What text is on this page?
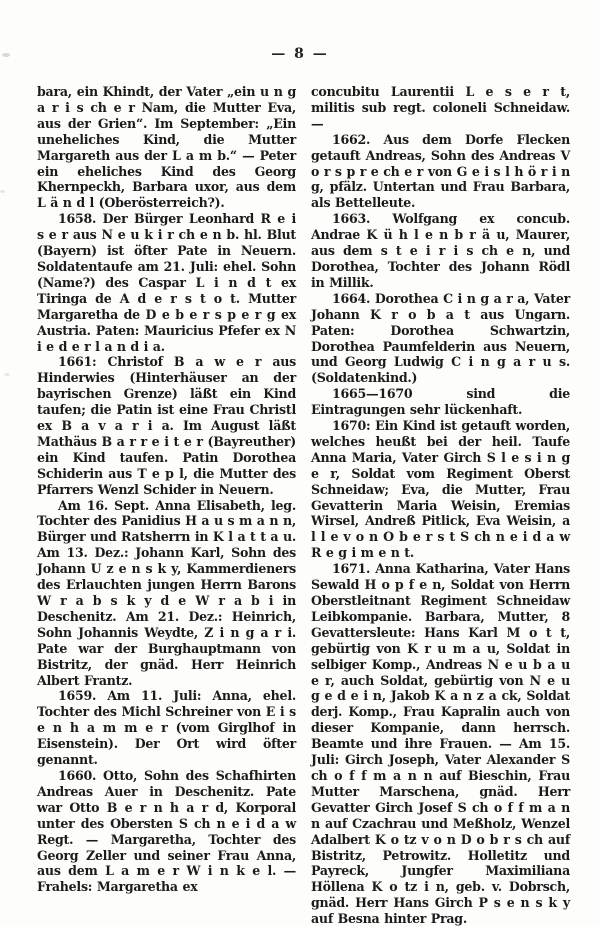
— 8 —

bara, ein Khindt, der Vater „ein u n g a r i s ch e r Nam, die Mutter Eva, aus der Grien“. Im September: „Ein uneheliches Kind, die Mutter Margareth aus der L a m b.“ — Peter ein eheliches Kind des Georg Khernpeckh, Barbara uxor, aus dem L ä n d l (Oberösterreich?).

1658. Der Bürger Leonhard R e i s e r aus N e u k i r ch e n b. hl. Blut (Bayern) ist öfter Pate in Neuern. Soldatentaufe am 21. Juli: ehel. Sohn (Name?) des Caspar L i n d t ex Tiringa de A d e r s t o t. Mutter Margaretha de D e b e r s p e r g ex Austria. Paten: Mauricius Pfefer ex N i e d e r l a n d i a.

1661: Christof B a w e r aus Hinderwies (Hinterhäuser an der bayrischen Grenze) läßt ein Kind taufen; die Patin ist eine Frau Christl ex B a v a r i a. Im August läßt Mathäus B a r r e i t e r (Bayreuther) ein Kind taufen. Patin Dorothea Schiderin aus T e p l, die Mutter des Pfarrers Wenzl Schider in Neuern.

Am 16. Sept. Anna Elisabeth, leg. Tochter des Panidius H a u s m a n n, Bürger und Ratsherrn in K l a t t a u. Am 13. Dez.: Johann Karl, Sohn des Johann U z e n s k y, Kammerdieners des Erlauchten jungen Herrn Barons W r a b s k y d e W r a b i in Deschenitz. Am 21. Dez.: Heinrich, Sohn Johannis Weydte, Z i n g a r i. Pate war der Burghauptmann von Bistritz, der gnäd. Herr Heinrich Albert Frantz.

1659. Am 11. Juli: Anna, ehel. Tochter des Michl Schreiner von E i s e n h a m m e r (vom Girglhof in Eisenstein). Der Ort wird öfter genannt.

1660. Otto, Sohn des Schafhirten Andreas Auer in Deschenitz. Pate war Otto B e r n h a r d, Korporal unter des Obersten S ch n e i d a w Regt. — Margaretha, Tochter des Georg Zeller und seiner Frau Anna, aus dem L a m e r W i n k e l. — Frahels: Margaretha ex

concubitu Laurentii L e s e r t, militis sub regt. coloneli Schneidaw. —

1662. Aus dem Dorfe Flecken getauft Andreas, Sohn des Andreas V o r s p r e ch e r von G e i s l h ö r i n g, pfälz. Untertan und Frau Barbara, als Bettelleute.

1663. Wolfgang ex concub. Andrae K ü h l e n b r ä u, Maurer, aus dem s t e i r i s ch e n, und Dorothea, Tochter des Johann Rödl in Millik.

1664. Dorothea C i n g a r a, Vater Johann K r o b a t aus Ungarn. Paten: Dorothea Schwartzin, Dorothea Paumfelderin aus Neuern, und Georg Ludwig C i n g a r u s. (Soldatenkind.)

1665—1670 sind die Eintragungen sehr lückenhaft.

1670: Ein Kind ist getauft worden, welches heußt bei der heil. Taufe Anna Maria, Vater Girch S l e s i n g e r, Soldat vom Regiment Oberst Schneidaw; Eva, die Mutter, Frau Gevatterin Maria Weisin, Eremias Wirsel, Andreß Pitlick, Eva Weisin, a l l e v o n O b e r s t S ch n e i d a w R e g i m e n t.

1671. Anna Katharina, Vater Hans Sewald H o p f e n, Soldat von Herrn Oberstleitnant Regiment Schneidaw Leibkompanie. Barbara, Mutter, 8 Gevattersleute: Hans Karl M o t t, gebürtig von K r u m a u, Soldat in selbiger Komp., Andreas N e u b a u e r, auch Soldat, gebürtig von N e u g e d e i n, Jakob K a n z a ck, Soldat derj. Komp., Frau Kapralin auch von dieser Kompanie, dann herrsch. Beamte und ihre Frauen. — Am 15. Juli: Girch Joseph, Vater Alexander S ch o f f m a n n auf Bieschin, Frau Mutter Marschena, gnäd. Herr Gevatter Girch Josef S ch o f f m a n n auf Czachrau und Meßholz, Wenzel Adalbert K o tz v o n D o b r s ch auf Bistritz, Petrowitz. Holletitz und Payreck, Jungfer Maximiliana Höllena K o tz i n, geb. v. Dobrsch, gnäd. Herr Hans Girch P s e n s k y auf Besna hinter Prag.
